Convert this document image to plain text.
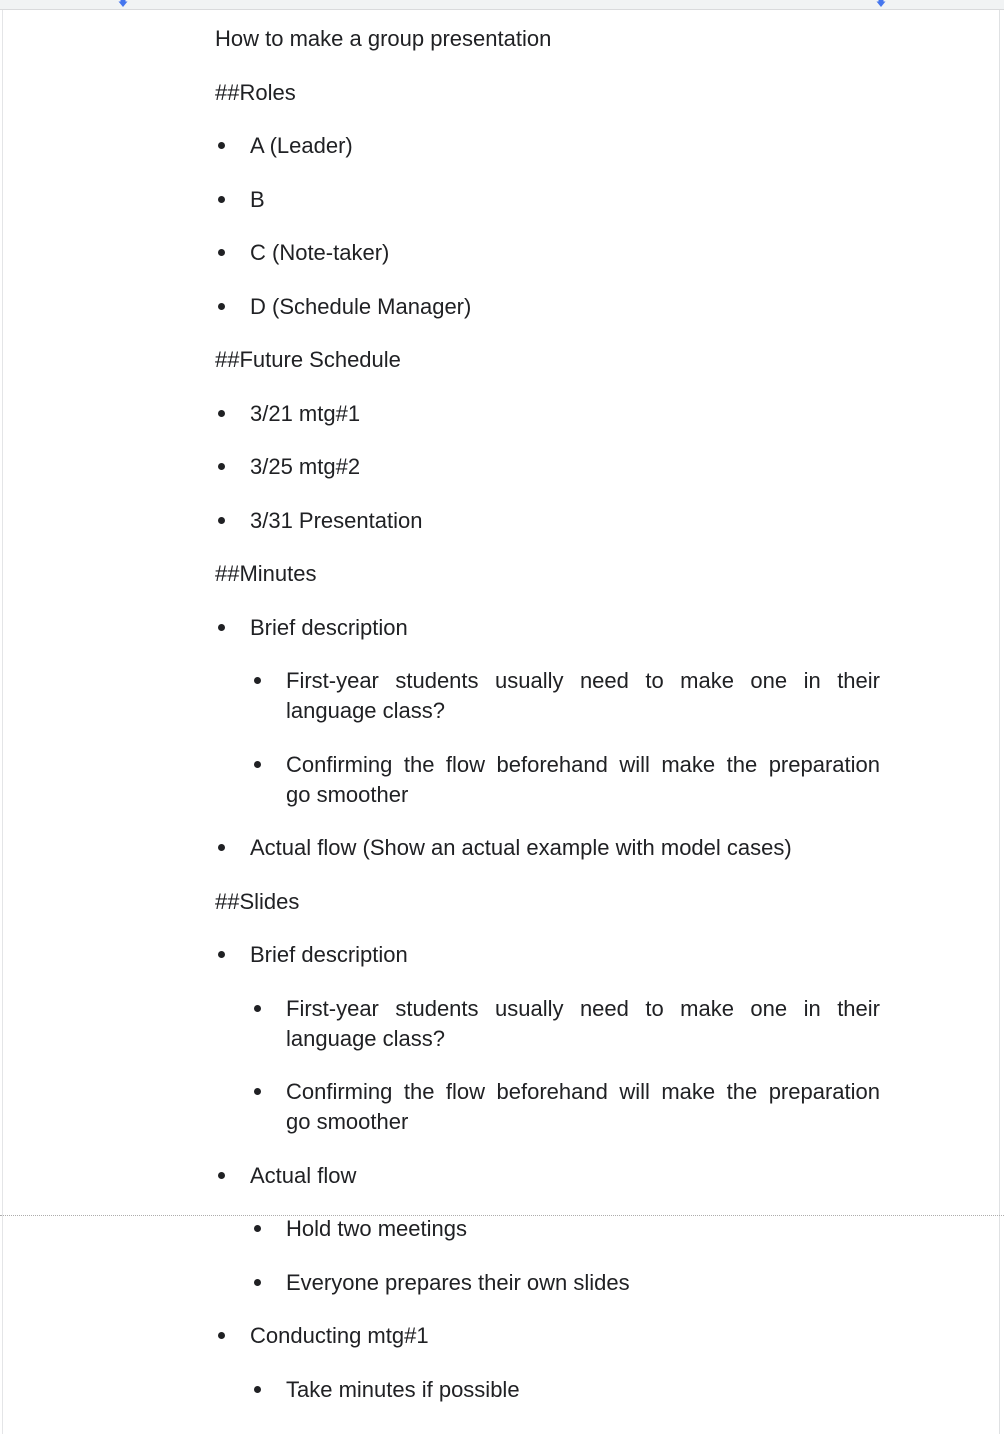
How to make a group presentation
##Roles
A (Leader)
B
C (Note-taker)
D (Schedule Manager)
##Future Schedule
3/21 mtg#1
3/25 mtg#2
3/31 Presentation
##Minutes
Brief description
First-year students usually need to make one in their
language class?
Confirming the flow beforehand will make the preparation
go smoother
Actual flow (Show an actual example with model cases)
##Slides
Brief description
First-year students usually need to make one in their
language class?
Confirming the flow beforehand will make the preparation
go smoother
Actual flow
Hold two meetings
Everyone prepares their own slides
Conducting mtg#1
Take minutes if possible
